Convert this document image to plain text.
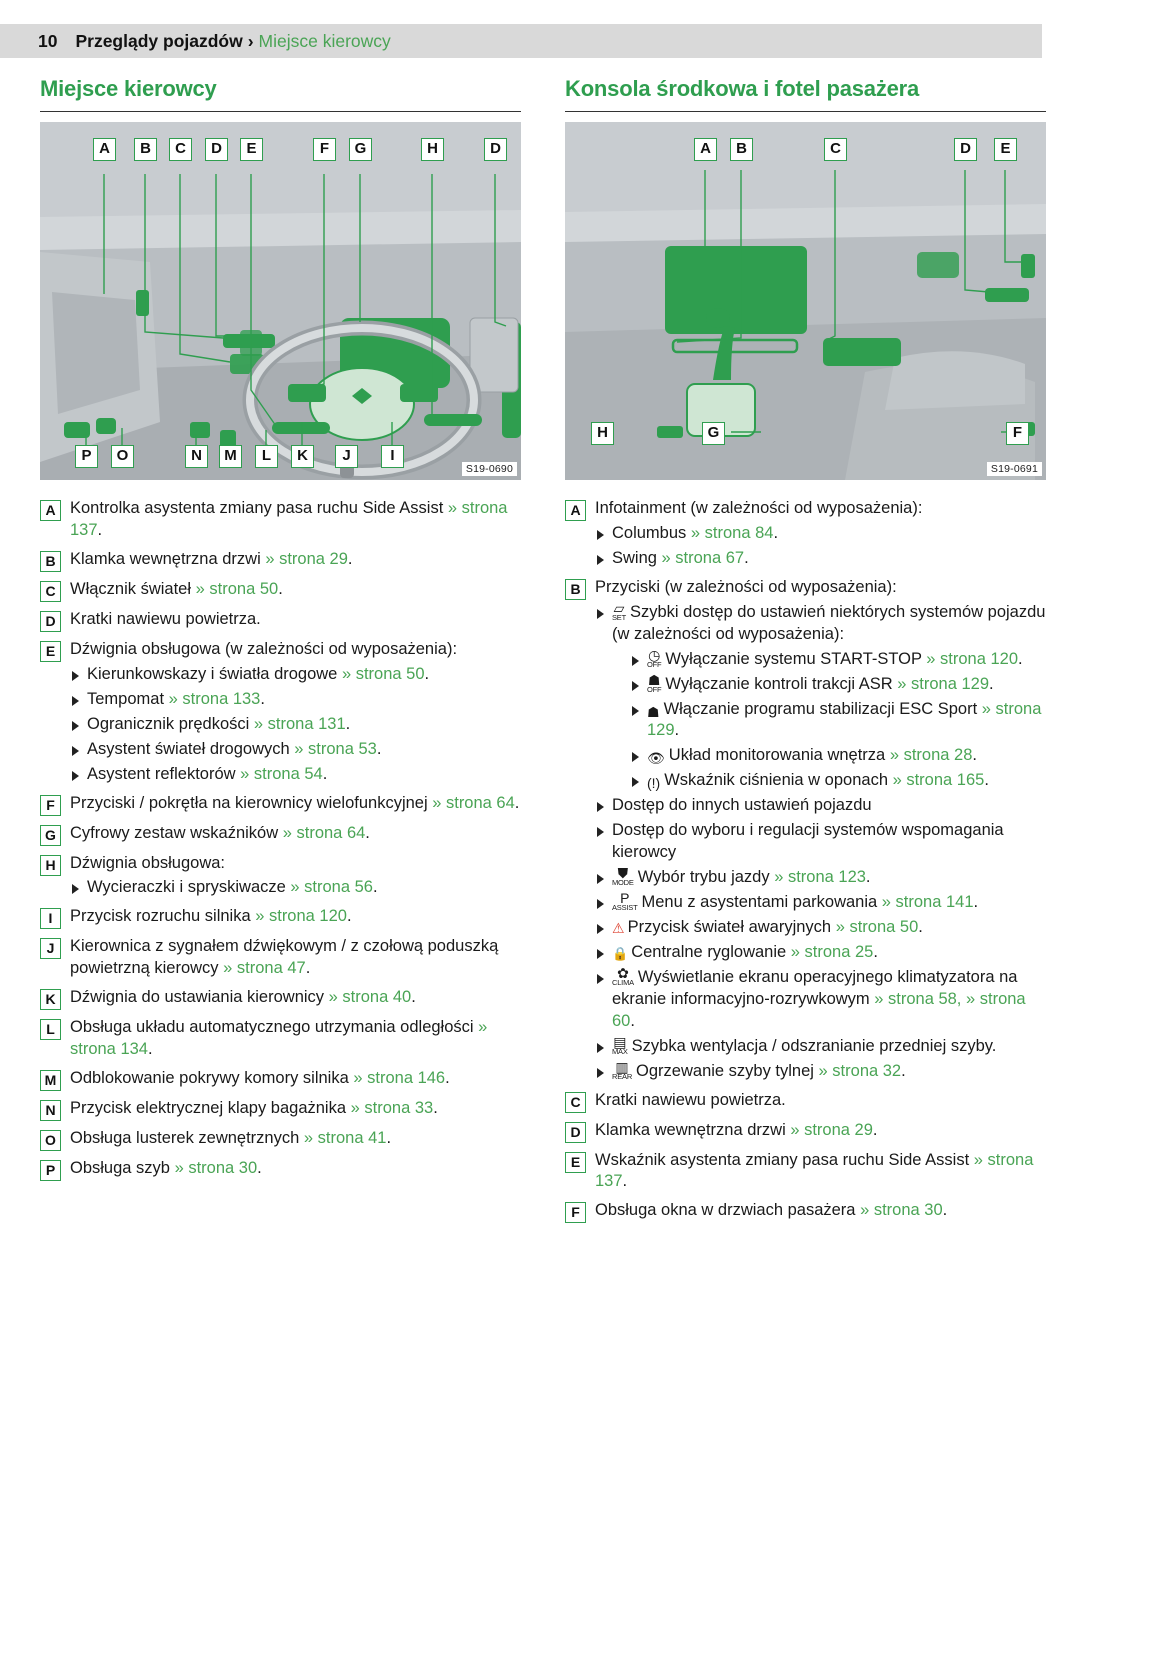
10 Przeglądy pojazdów › Miejsce kierowcy
Miejsce kierowcy
A	B	C	D	E	F	G	H	D
P	O	N	M	L	K	J	I
S19-0690
A Kontrolka asystenta zmiany pasa ruchu Side Assist » strona 137.
B Klamka wewnętrzna drzwi » strona 29.
C Włącznik świateł » strona 50.
D Kratki nawiewu powietrza.
E Dźwignia obsługowa (w zależności od wyposażenia):
Kierunkowskazy i światła drogowe » strona 50.
Tempomat » strona 133.
Ogranicznik prędkości » strona 131.
Asystent świateł drogowych » strona 53.
Asystent reflektorów » strona 54.
F Przyciski / pokrętła na kierownicy wielofunkcyjnej » strona 64.
G Cyfrowy zestaw wskaźników » strona 64.
H Dźwignia obsługowa:
Wycieraczki i spryskiwacze » strona 56.
I	Przycisk rozruchu silnika » strona 120.
J Kierownica z sygnałem dźwiękowym / z czołową poduszką powietrzną kierowcy » strona 47.
K Dźwignia do ustawiania kierownicy » strona 40.
L Obsługa układu automatycznego utrzymania odległości » strona 134.
M Odblokowanie pokrywy komory silnika » strona 146.
N Przycisk elektrycznej klapy bagażnika » strona 33.
O Obsługa lusterek zewnętrznych » strona 41.
P Obsługa szyb » strona 30.
Konsola środkowa i fotel pasażera
A	B	C	D	E
H	G	F
S19-0691
A Infotainment (w zależności od wyposażenia):
Columbus » strona 84.
Swing » strona 67.
B Przyciski (w zależności od wyposażenia):
▱
SET Szybki dostęp do ustawień niektórych systemów pojazdu (w zależności od wyposażenia):
◷
OFF Wyłączanie systemu START-STOP » strona 120.
☗
OFF Wyłączanie kontroli trakcji ASR » strona 129.
☗ Włączanie programu stabilizacji ESC Sport » strona 129.
👁 Układ monitorowania wnętrza » strona 28.
(!) Wskaźnik ciśnienia w oponach » strona 165.
Dostęp do innych ustawień pojazdu
Dostęp do wyboru i regulacji systemów wspomagania kierowcy
⛊
MODE Wybór trybu jazdy » strona 123.
P
ASSIST Menu z asystentami parkowania » strona 141.
⚠ Przycisk świateł awaryjnych » strona 50.
🔒 Centralne ryglowanie » strona 25.
✿
CLIMA Wyświetlanie ekranu operacyjnego klimatyzatora na ekranie informacyjno-rozrywkowym » strona 58, » strona 60.
▤
MAX Szybka wentylacja / odszranianie przedniej szyby.
▥
REAR Ogrzewanie szyby tylnej » strona 32.
C Kratki nawiewu powietrza.
D Klamka wewnętrzna drzwi » strona 29.
E Wskaźnik asystenta zmiany pasa ruchu Side Assist » strona 137.
F Obsługa okna w drzwiach pasażera » strona 30.
